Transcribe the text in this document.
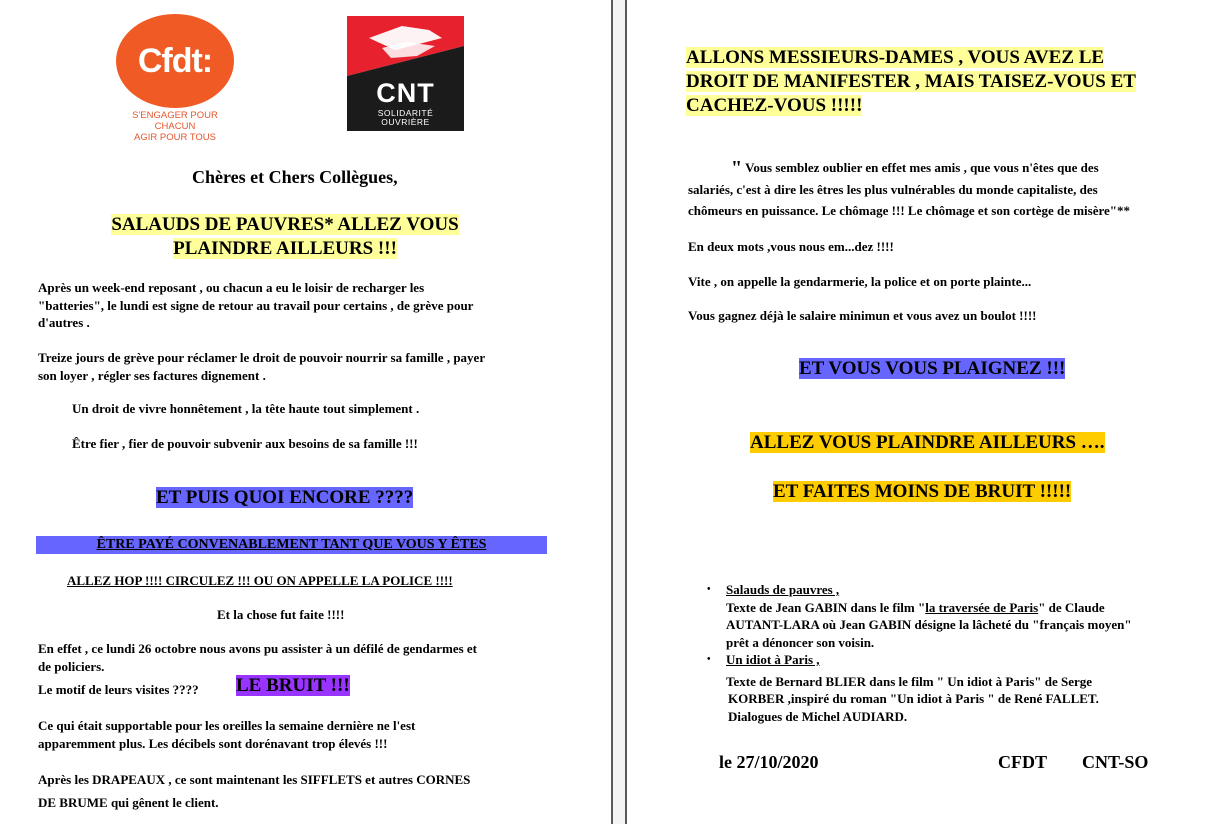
Cfdt:
S'ENGAGER POUR CHACUN
AGIR POUR TOUS
CNT
SOLIDARITÉ
OUVRIÈRE
Chères et Chers Collègues,
SALAUDS DE PAUVRES* ALLEZ VOUS
PLAINDRE AILLEURS !!!
Après un week-end reposant , ou chacun a eu le loisir de recharger les
"batteries", le lundi est signe de retour au travail pour certains , de grève pour
d'autres .
Treize jours de grève pour réclamer le droit de pouvoir nourrir sa famille , payer
son loyer , régler ses factures dignement .
Un droit de vivre honnêtement , la tête haute tout simplement .
Être fier , fier de pouvoir subvenir aux besoins de sa famille !!!
ET PUIS QUOI ENCORE ????
ÊTRE PAYÉ CONVENABLEMENT TANT QUE VOUS Y ÊTES
ALLEZ HOP !!!! CIRCULEZ !!! OU ON APPELLE LA POLICE !!!!
Et la chose fut faite !!!!
En effet , ce lundi 26 octobre nous avons pu assister à un défilé de gendarmes et
de policiers.
Le motif de leurs visites ???? LE BRUIT !!!
Ce qui était supportable pour les oreilles la semaine dernière ne l'est
apparemment plus. Les décibels sont dorénavant trop élevés !!!
Après les DRAPEAUX , ce sont maintenant les SIFFLETS et autres CORNES
DE BRUME qui gênent le client.
ALLONS MESSIEURS-DAMES , VOUS AVEZ LE
DROIT DE MANIFESTER , MAIS TAISEZ-VOUS ET
CACHEZ-VOUS !!!!!
" Vous semblez oublier en effet mes amis , que vous n'êtes que des
salariés, c'est à dire les êtres les plus vulnérables du monde capitaliste, des
chômeurs en puissance. Le chômage !!! Le chômage et son cortège de misère"**
En deux mots ,vous nous em...dez !!!!
Vite , on appelle la gendarmerie, la police et on porte plainte...
Vous gagnez déjà le salaire minimun et vous avez un boulot !!!!
ET VOUS VOUS PLAIGNEZ !!!
ALLEZ VOUS PLAINDRE AILLEURS ….
ET FAITES MOINS DE BRUIT !!!!!
• Salauds de pauvres ,
Texte de Jean GABIN dans le film "la traversée de Paris" de Claude
AUTANT-LARA où Jean GABIN désigne la lâcheté du "français moyen"
prêt a dénoncer son voisin.
• Un idiot à Paris ,
Texte de Bernard BLIER dans le film " Un idiot à Paris" de Serge
KORBER ,inspiré du roman "Un idiot à Paris " de René FALLET.
Dialogues de Michel AUDIARD.
le 27/10/2020	CFDT CNT-SO
